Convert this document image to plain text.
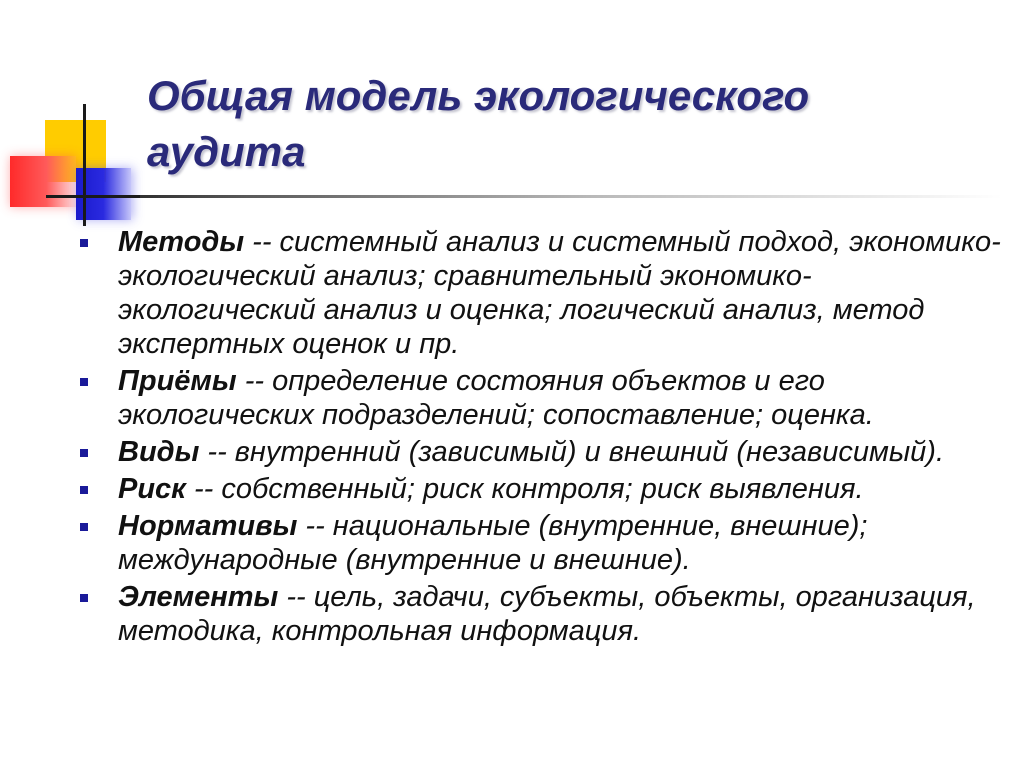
Общая модель экологического
аудита
Методы -- системный анализ и системный подход, экономико-экологический анализ; сравнительный экономико-экологический анализ и оценка; логический анализ, метод экспертных оценок и пр.
Приёмы -- определение состояния объектов и его экологических подразделений; сопоставление; оценка.
Виды -- внутренний (зависимый) и внешний (независимый).
Риск -- собственный; риск контроля; риск выявления.
Нормативы -- национальные (внутренние, внешние); международные (внутренние и внешние).
Элементы -- цель, задачи, субъекты, объекты, организация, методика, контрольная информация.
